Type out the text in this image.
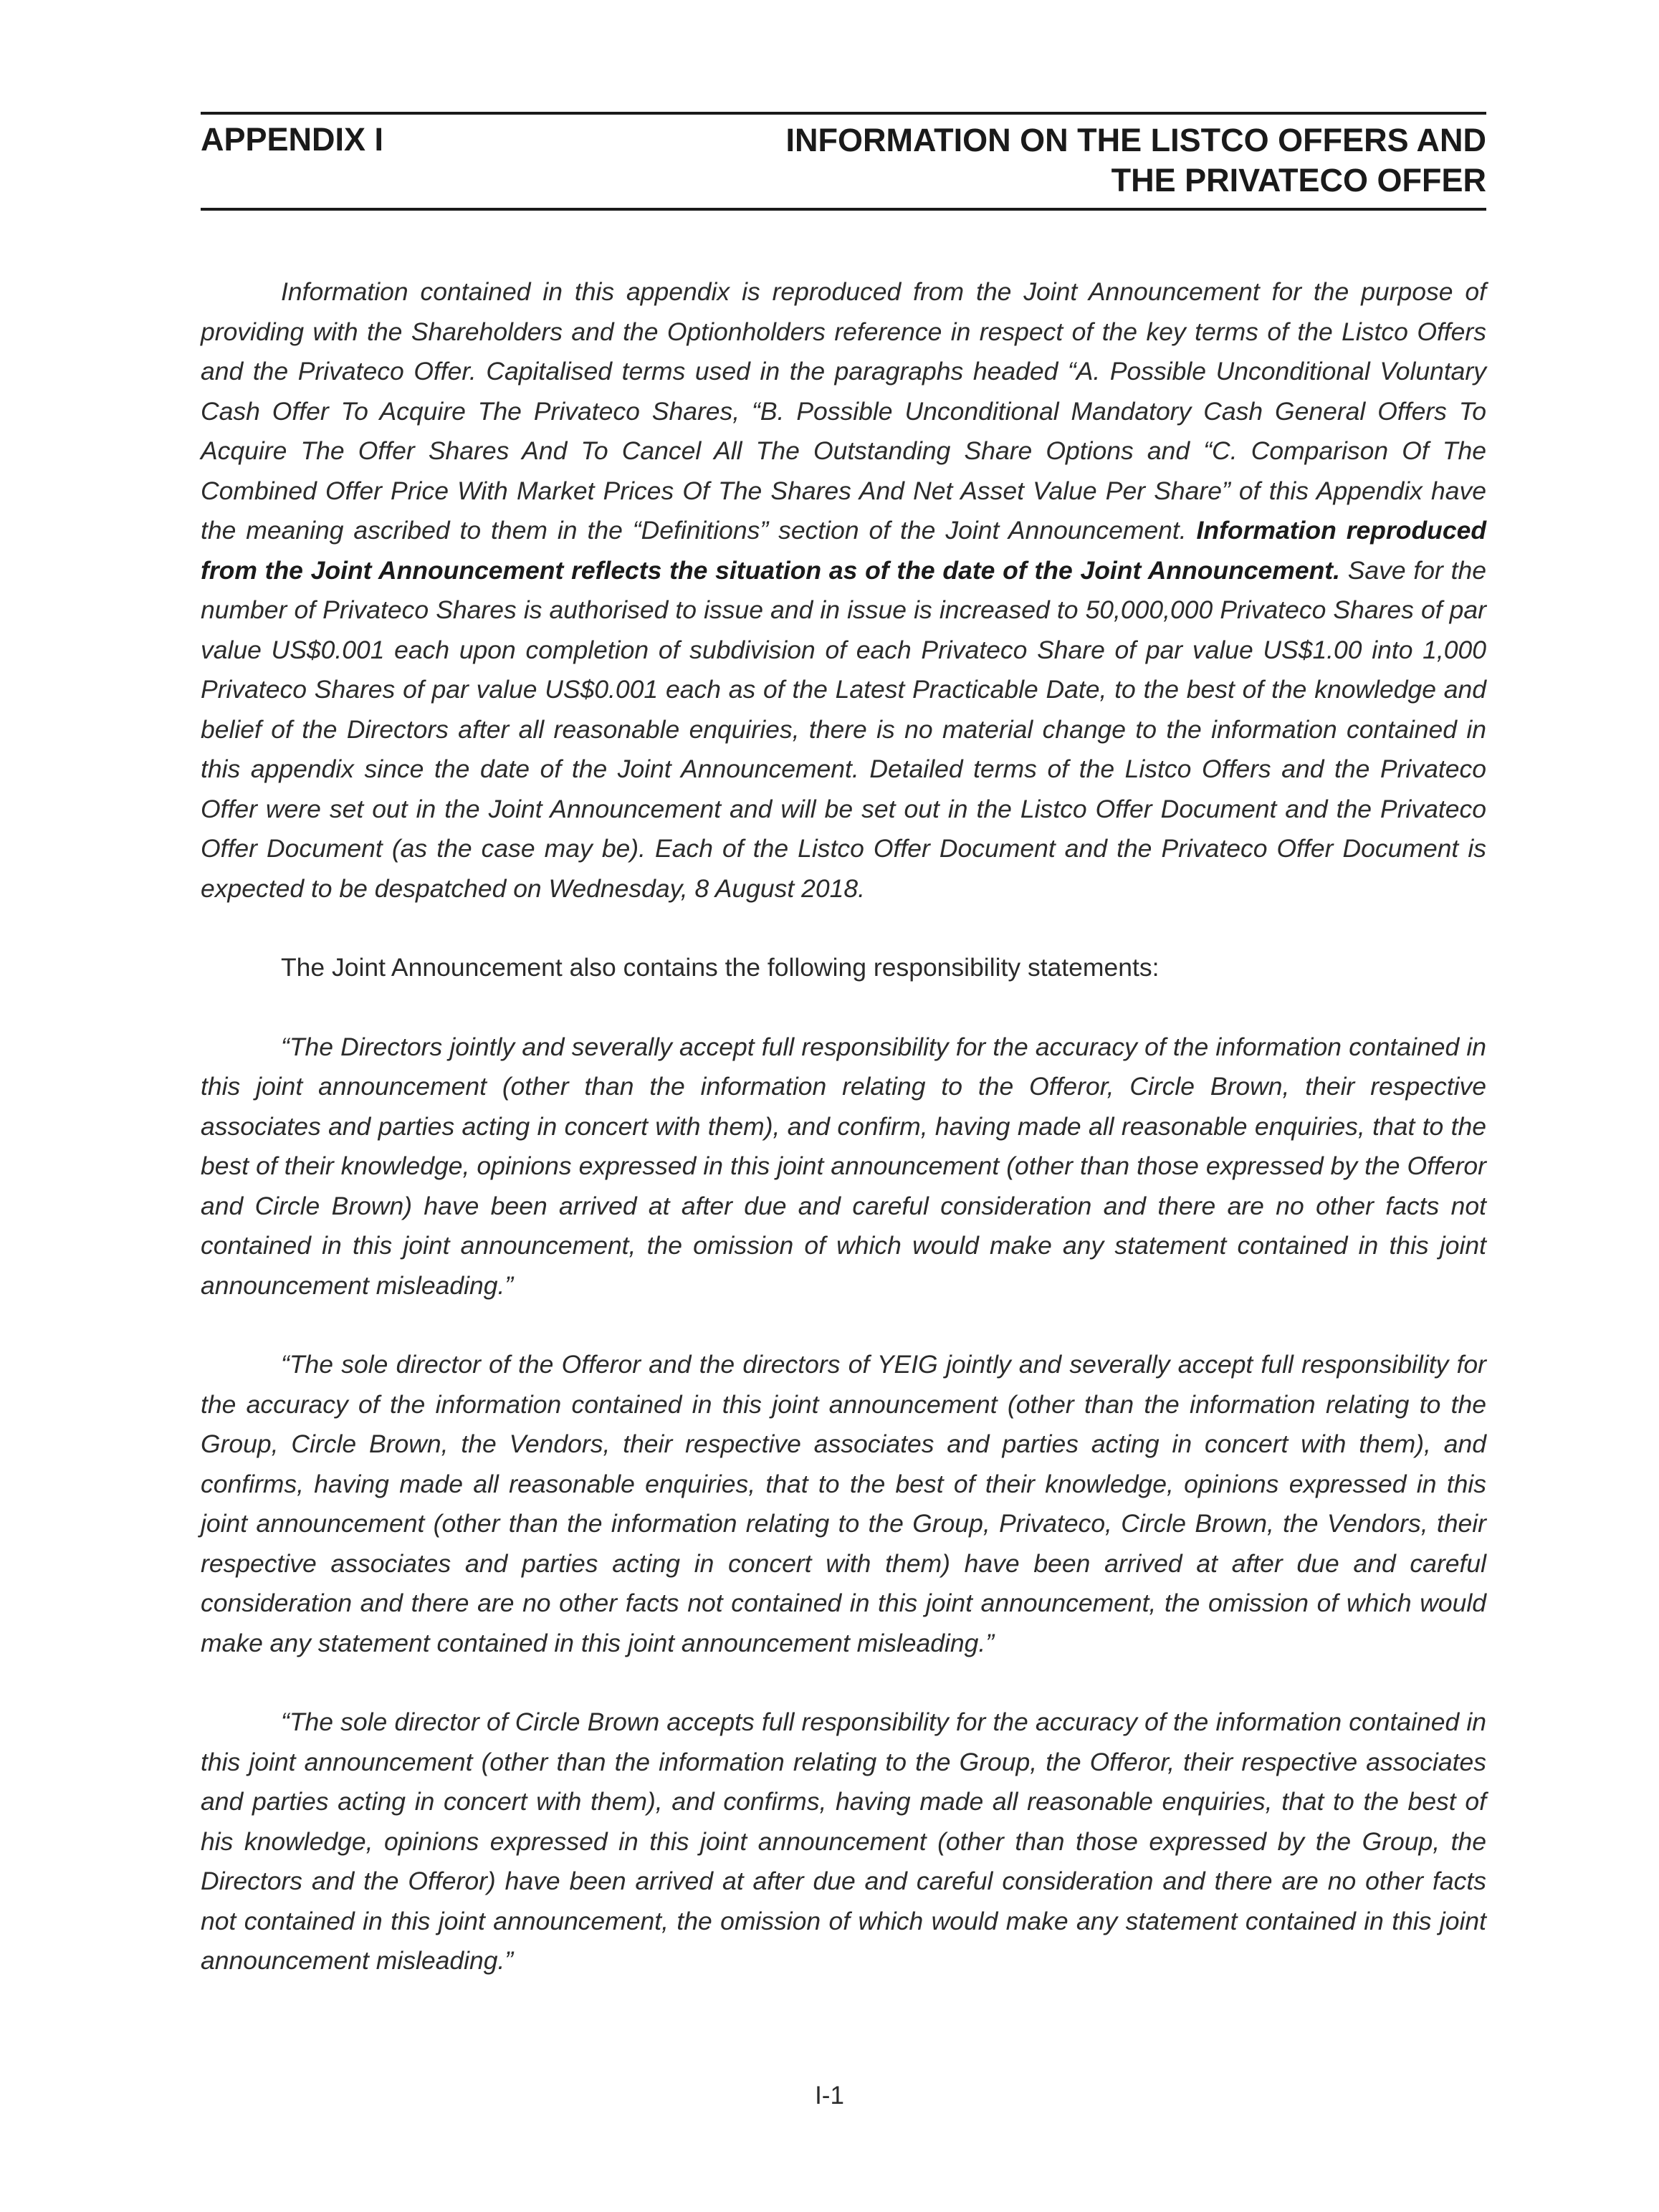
APPENDIX I	INFORMATION ON THE LISTCO OFFERS AND
THE PRIVATECO OFFER

Information contained in this appendix is reproduced from the Joint Announcement for the purpose of providing with the Shareholders and the Optionholders reference in respect of the key terms of the Listco Offers and the Privateco Offer. Capitalised terms used in the paragraphs headed “A. Possible Unconditional Voluntary Cash Offer To Acquire The Privateco Shares, “B. Possible Unconditional Mandatory Cash General Offers To Acquire The Offer Shares And To Cancel All The Outstanding Share Options and “C. Comparison Of The Combined Offer Price With Market Prices Of The Shares And Net Asset Value Per Share” of this Appendix have the meaning ascribed to them in the “Definitions” section of the Joint Announcement. Information reproduced from the Joint Announcement reflects the situation as of the date of the Joint Announcement. Save for the number of Privateco Shares is authorised to issue and in issue is increased to 50,000,000 Privateco Shares of par value US$0.001 each upon completion of subdivision of each Privateco Share of par value US$1.00 into 1,000 Privateco Shares of par value US$0.001 each as of the Latest Practicable Date, to the best of the knowledge and belief of the Directors after all reasonable enquiries, there is no material change to the information contained in this appendix since the date of the Joint Announcement. Detailed terms of the Listco Offers and the Privateco Offer were set out in the Joint Announcement and will be set out in the Listco Offer Document and the Privateco Offer Document (as the case may be). Each of the Listco Offer Document and the Privateco Offer Document is expected to be despatched on Wednesday, 8 August 2018.

The Joint Announcement also contains the following responsibility statements:

“The Directors jointly and severally accept full responsibility for the accuracy of the information contained in this joint announcement (other than the information relating to the Offeror, Circle Brown, their respective associates and parties acting in concert with them), and confirm, having made all reasonable enquiries, that to the best of their knowledge, opinions expressed in this joint announcement (other than those expressed by the Offeror and Circle Brown) have been arrived at after due and careful consideration and there are no other facts not contained in this joint announcement, the omission of which would make any statement contained in this joint announcement misleading.”

“The sole director of the Offeror and the directors of YEIG jointly and severally accept full responsibility for the accuracy of the information contained in this joint announcement (other than the information relating to the Group, Circle Brown, the Vendors, their respective associates and parties acting in concert with them), and confirms, having made all reasonable enquiries, that to the best of their knowledge, opinions expressed in this joint announcement (other than the information relating to the Group, Privateco, Circle Brown, the Vendors, their respective associates and parties acting in concert with them) have been arrived at after due and careful consideration and there are no other facts not contained in this joint announcement, the omission of which would make any statement contained in this joint announcement misleading.”

“The sole director of Circle Brown accepts full responsibility for the accuracy of the information contained in this joint announcement (other than the information relating to the Group, the Offeror, their respective associates and parties acting in concert with them), and confirms, having made all reasonable enquiries, that to the best of his knowledge, opinions expressed in this joint announcement (other than those expressed by the Group, the Directors and the Offeror) have been arrived at after due and careful consideration and there are no other facts not contained in this joint announcement, the omission of which would make any statement contained in this joint announcement misleading.”

I-1
